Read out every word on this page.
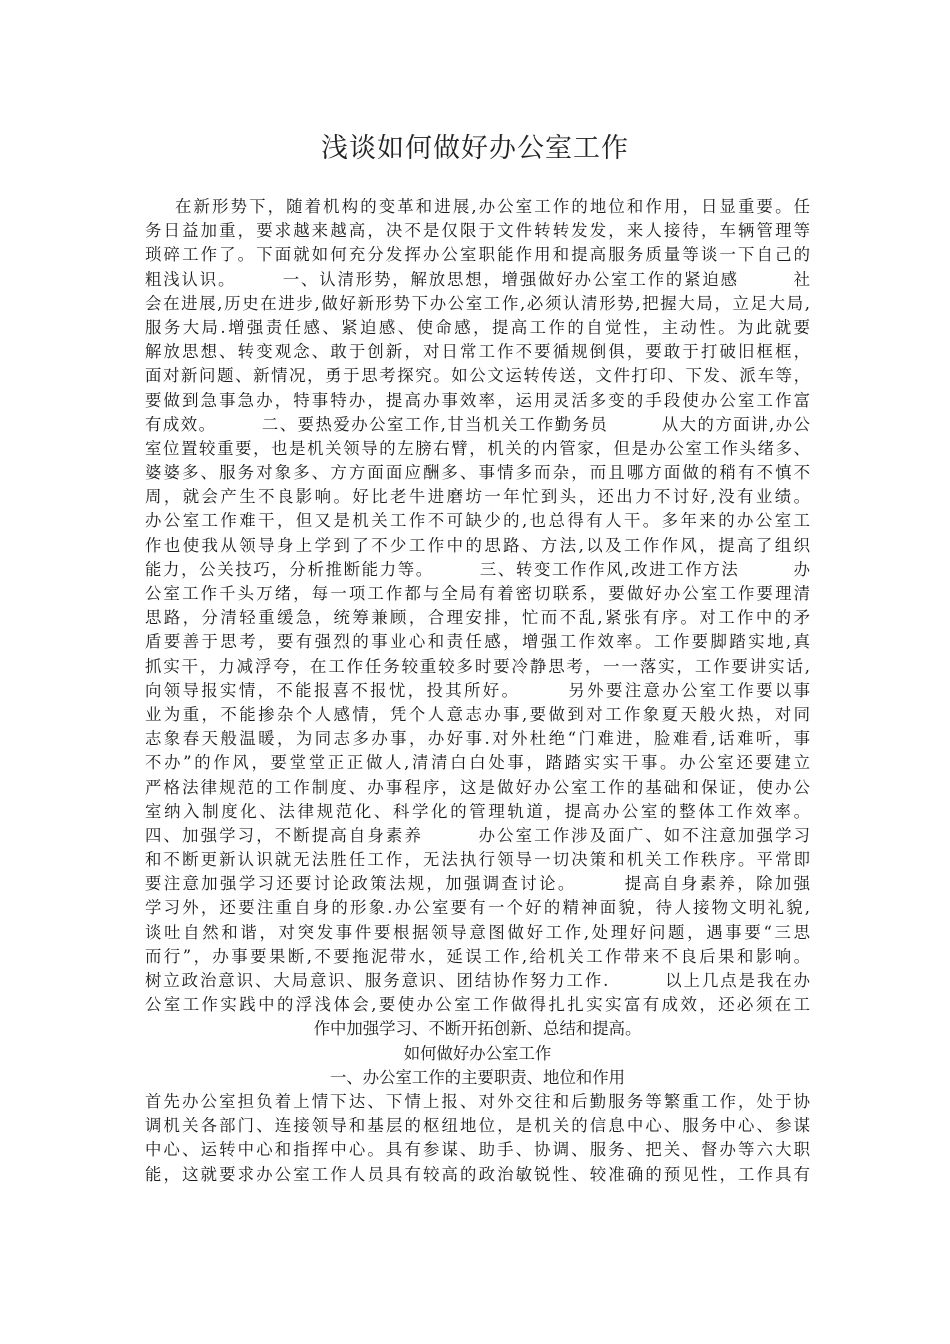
浅谈如何做好办公室工作
在新形势下，随着机构的变革和进展,办公室工作的地位和作用，日显重要。任
务日益加重，要求越来越高，决不是仅限于文件转转发发，来人接待，车辆管理等
琐碎工作了。下面就如何充分发挥办公室职能作用和提高服务质量等谈一下自己的
粗浅认识。　　　一、认清形势，解放思想，增强做好办公室工作的紧迫感　　　社
会在进展,历史在进步,做好新形势下办公室工作,必须认清形势,把握大局，立足大局,
服务大局.增强责任感、紧迫感、使命感，提高工作的自觉性，主动性。为此就要
解放思想、转变观念、敢于创新，对日常工作不要循规倒俱，要敢于打破旧框框，
面对新问题、新情况，勇于思考探究。如公文运转传送，文件打印、下发、派车等，
要做到急事急办，特事特办，提高办事效率，运用灵活多变的手段使办公室工作富
有成效。　　　二、要热爱办公室工作,甘当机关工作勤务员　　　从大的方面讲,办公
室位置较重要，也是机关领导的左膀右臂，机关的内管家，但是办公室工作头绪多、
婆婆多、服务对象多、方方面面应酬多、事情多而杂，而且哪方面做的稍有不慎不
周，就会产生不良影响。好比老牛进磨坊一年忙到头，还出力不讨好,没有业绩。
办公室工作难干，但又是机关工作不可缺少的,也总得有人干。多年来的办公室工
作也使我从领导身上学到了不少工作中的思路、方法,以及工作作风，提高了组织
能力，公关技巧，分析推断能力等。　　　三、转变工作作风,改进工作方法　　　办
公室工作千头万绪，每一项工作都与全局有着密切联系，要做好办公室工作要理清
思路，分清轻重缓急，统筹兼顾，合理安排，忙而不乱,紧张有序。对工作中的矛
盾要善于思考，要有强烈的事业心和责任感，增强工作效率。工作要脚踏实地,真
抓实干，力减浮夸，在工作任务较重较多时要冷静思考，一一落实，工作要讲实话,
向领导报实情，不能报喜不报忧，投其所好。　　　另外要注意办公室工作要以事
业为重，不能掺杂个人感情，凭个人意志办事,要做到对工作象夏天般火热，对同
志象春天般温暖，为同志多办事，办好事.对外杜绝“门难进，脸难看,话难听，事
不办”的作风，要堂堂正正做人,清清白白处事，踏踏实实干事。办公室还要建立
严格法律规范的工作制度、办事程序，这是做好办公室工作的基础和保证，使办公
室纳入制度化、法律规范化、科学化的管理轨道，提高办公室的整体工作效率。
四、加强学习，不断提高自身素养　　　办公室工作涉及面广、如不注意加强学习
和不断更新认识就无法胜任工作，无法执行领导一切决策和机关工作秩序。平常即
要注意加强学习还要讨论政策法规，加强调查讨论。　　　提高自身素养，除加强
学习外，还要注重自身的形象.办公室要有一个好的精神面貌，待人接物文明礼貌,
谈吐自然和谐，对突发事件要根据领导意图做好工作,处理好问题，遇事要“三思
而行”，办事要果断,不要拖泥带水，延误工作,给机关工作带来不良后果和影响。
树立政治意识、大局意识、服务意识、团结协作努力工作.　　　以上几点是我在办
公室工作实践中的浮浅体会,要使办公室工作做得扎扎实实富有成效，还必须在工
作中加强学习、不断开拓创新、总结和提高。
如何做好办公室工作
一、办公室工作的主要职责、地位和作用
首先办公室担负着上情下达、下情上报、对外交往和后勤服务等繁重工作，处于协
调机关各部门、连接领导和基层的枢纽地位，是机关的信息中心、服务中心、参谋
中心、运转中心和指挥中心。具有参谋、助手、协调、服务、把关、督办等六大职
能，这就要求办公室工作人员具有较高的政治敏锐性、较准确的预见性，工作具有
